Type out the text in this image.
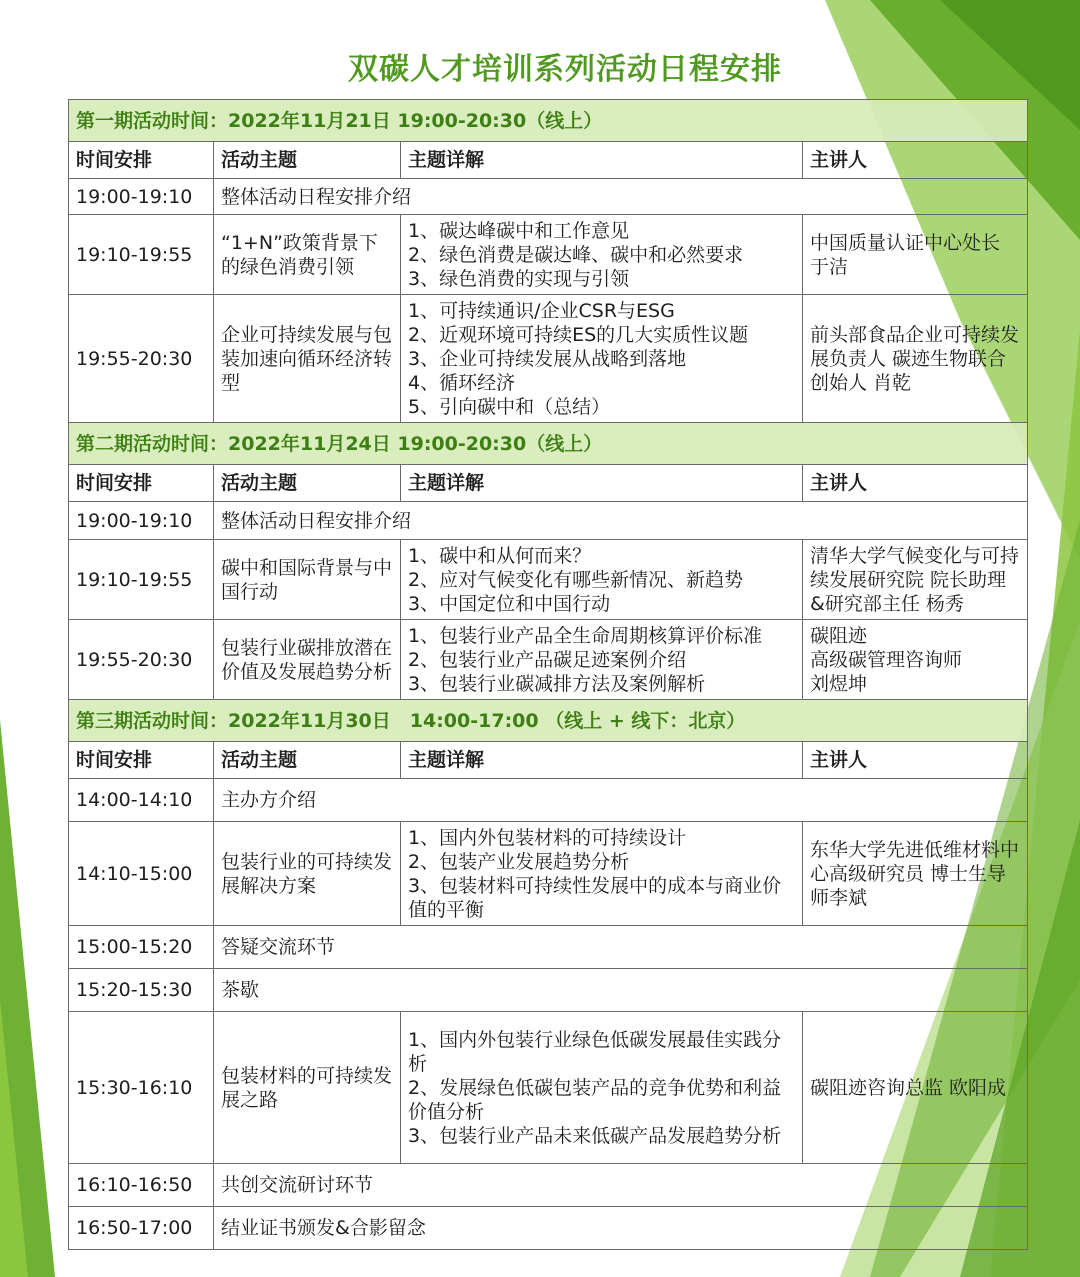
双碳人才培训系列活动日程安排
第一期活动时间：2022年11月21日 19:00-20:30（线上）			
时间安排	活动主题	主题详解	主讲人
19:00-19:10	整体活动日程安排介绍		
19:10-19:55	“1+N”政策背景下的绿色消费引领	1、碳达峰碳中和工作意见
2、绿色消费是碳达峰、碳中和必然要求
3、绿色消费的实现与引领	中国质量认证中心处长 于洁
19:55-20:30	企业可持续发展与包装加速向循环经济转型	1、可持续通识/企业CSR与ESG
2、近观环境可持续ES的几大实质性议题
3、企业可持续发展从战略到落地
4、循环经济
5、引向碳中和（总结）	前头部食品企业可持续发展负责人 碳迹生物联合创始人 肖乾
第二期活动时间：2022年11月24日 19:00-20:30（线上）			
时间安排	活动主题	主题详解	主讲人
19:00-19:10	整体活动日程安排介绍		
19:10-19:55	碳中和国际背景与中国行动	1、碳中和从何而来？
2、应对气候变化有哪些新情况、新趋势
3、中国定位和中国行动	清华大学气候变化与可持续发展研究院 院长助理&研究部主任 杨秀
19:55-20:30	包装行业碳排放潜在价值及发展趋势分析	1、包装行业产品全生命周期核算评价标准
2、包装行业产品碳足迹案例介绍
3、包装行业碳减排方法及案例解析	碳阻迹
高级碳管理咨询师
刘煜坤

第三期活动时间：2022年11月30日　14:00-17:00 （线上 + 线下：北京）			
时间安排	活动主题	主题详解	主讲人
14:00-14:10	主办方介绍		
14:10-15:00	包装行业的可持续发展解决方案	1、国内外包装材料的可持续设计
2、包装产业发展趋势分析
3、包装材料可持续性发展中的成本与商业价值的平衡	东华大学先进低维材料中心高级研究员 博士生导师李斌
15:00-15:20	答疑交流环节		
15:20-15:30	茶歇		
15:30-16:10	包装材料的可持续发展之路	1、国内外包装行业绿色低碳发展最佳实践分析
2、发展绿色低碳包装产品的竞争优势和利益价值分析
3、包装行业产品未来低碳产品发展趋势分析	碳阻迹咨询总监 欧阳成
16:10-16:50	共创交流研讨环节		
16:50-17:00	结业证书颁发&合影留念		
